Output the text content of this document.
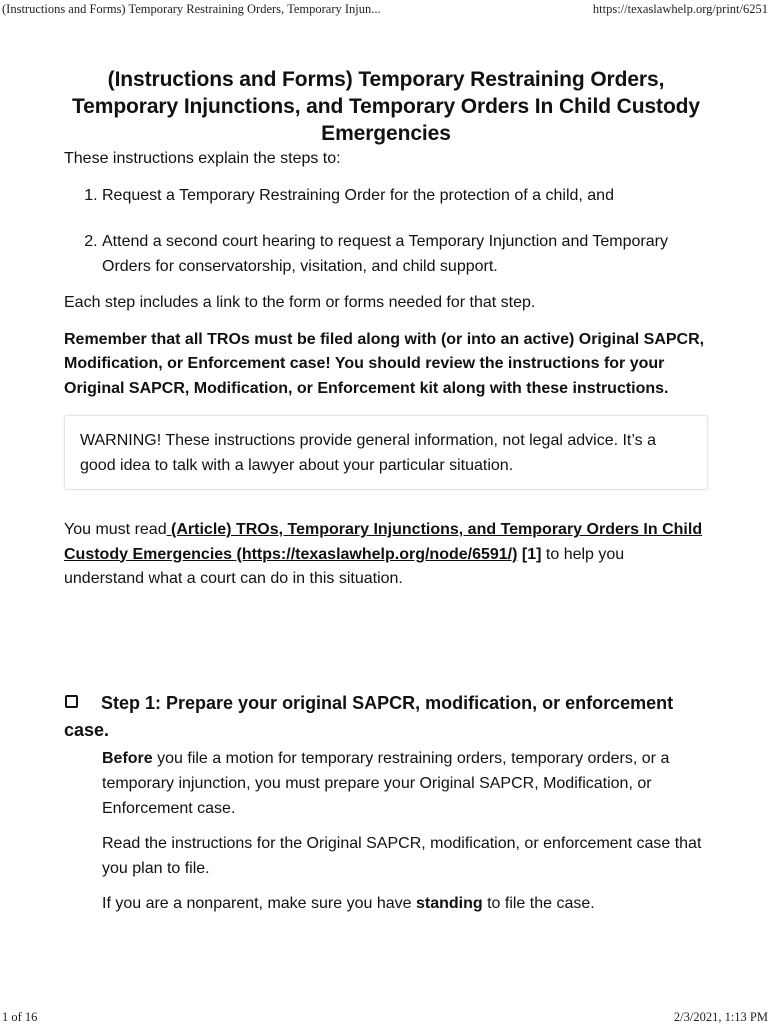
(Instructions and Forms) Temporary Restraining Orders, Temporary Injun...	https://texaslawhelp.org/print/6251
(Instructions and Forms) Temporary Restraining Orders, Temporary Injunctions, and Temporary Orders In Child Custody Emergencies

These instructions explain the steps to:

1. Request a Temporary Restraining Order for the protection of a child, and
2. Attend a second court hearing to request a Temporary Injunction and Temporary Orders for conservatorship, visitation, and child support.

Each step includes a link to the form or forms needed for that step.

Remember that all TROs must be filed along with (or into an active) Original SAPCR, Modification, or Enforcement case! You should review the instructions for your Original SAPCR, Modification, or Enforcement kit along with these instructions.

WARNING! These instructions provide general information, not legal advice. It’s a good idea to talk with a lawyer about your particular situation.

You must read (Article) TROs, Temporary Injunctions, and Temporary Orders In Child Custody Emergencies (https://texaslawhelp.org/node/6591/) [1] to help you understand what a court can do in this situation.

Step 1: Prepare your original SAPCR, modification, or enforcement case.

Before you file a motion for temporary restraining orders, temporary orders, or a temporary injunction, you must prepare your Original SAPCR, Modification, or Enforcement case.

Read the instructions for the Original SAPCR, modification, or enforcement case that you plan to file.

If you are a nonparent, make sure you have standing to file the case.

1 of 16	2/3/2021, 1:13 PM
